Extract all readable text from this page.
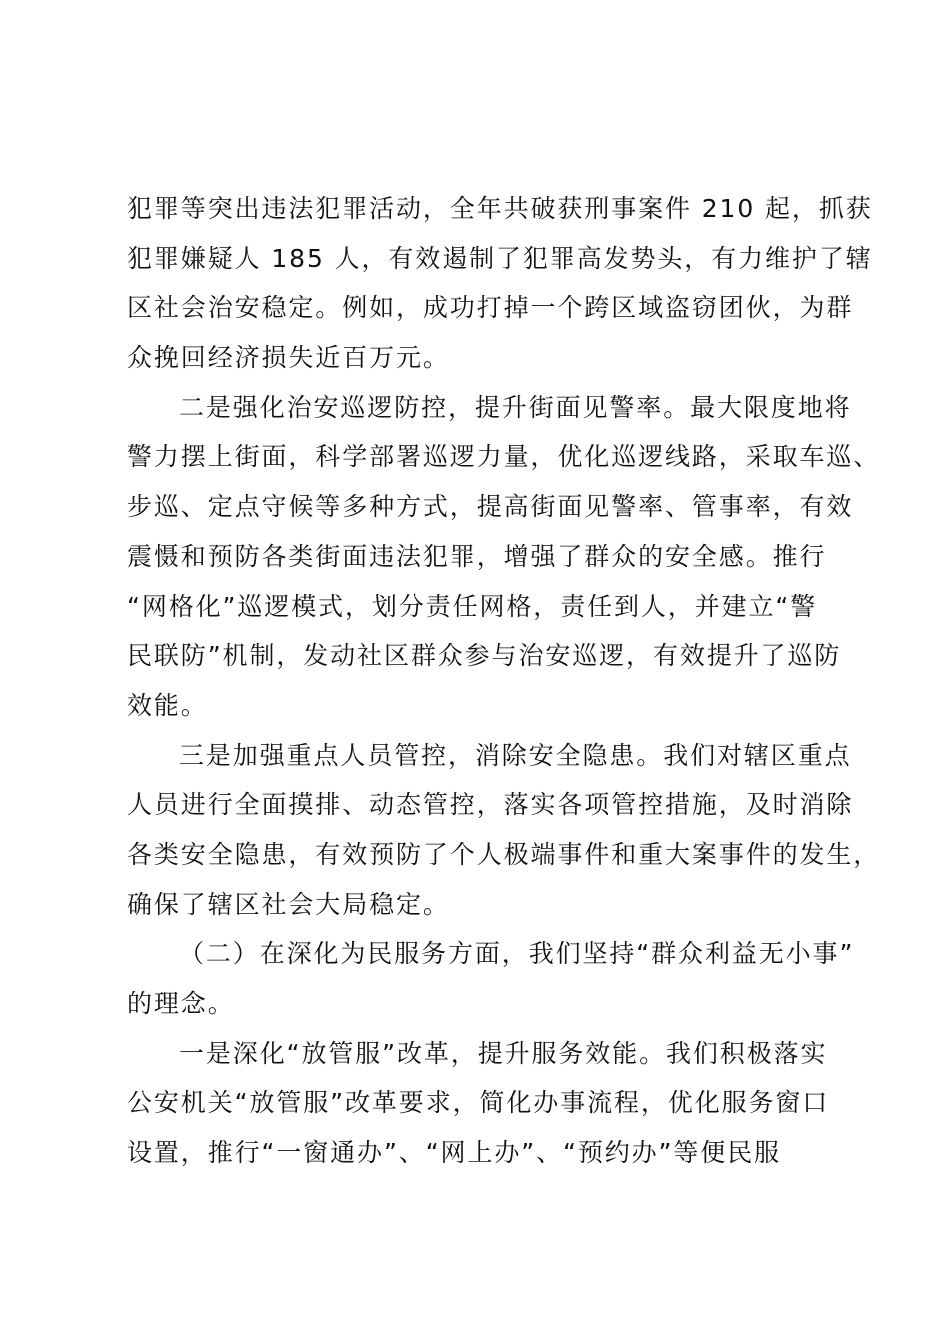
犯罪等突出违法犯罪活动，全年共破获刑事案件 210 起，抓获
犯罪嫌疑人 185 人，有效遏制了犯罪高发势头，有力维护了辖
区社会治安稳定。例如，成功打掉一个跨区域盗窃团伙，为群
众挽回经济损失近百万元。
二是强化治安巡逻防控，提升街面见警率。最大限度地将
警力摆上街面，科学部署巡逻力量，优化巡逻线路，采取车巡、
步巡、定点守候等多种方式，提高街面见警率、管事率，有效
震慑和预防各类街面违法犯罪，增强了群众的安全感。推行
“网格化”巡逻模式，划分责任网格，责任到人，并建立“警
民联防”机制，发动社区群众参与治安巡逻，有效提升了巡防
效能。
三是加强重点人员管控，消除安全隐患。我们对辖区重点
人员进行全面摸排、动态管控，落实各项管控措施，及时消除
各类安全隐患，有效预防了个人极端事件和重大案事件的发生，
确保了辖区社会大局稳定。
（二）在深化为民服务方面，我们坚持“群众利益无小事”
的理念。
一是深化“放管服”改革，提升服务效能。我们积极落实
公安机关“放管服”改革要求，简化办事流程，优化服务窗口
设置，推行“一窗通办”、“网上办”、“预约办”等便民服
